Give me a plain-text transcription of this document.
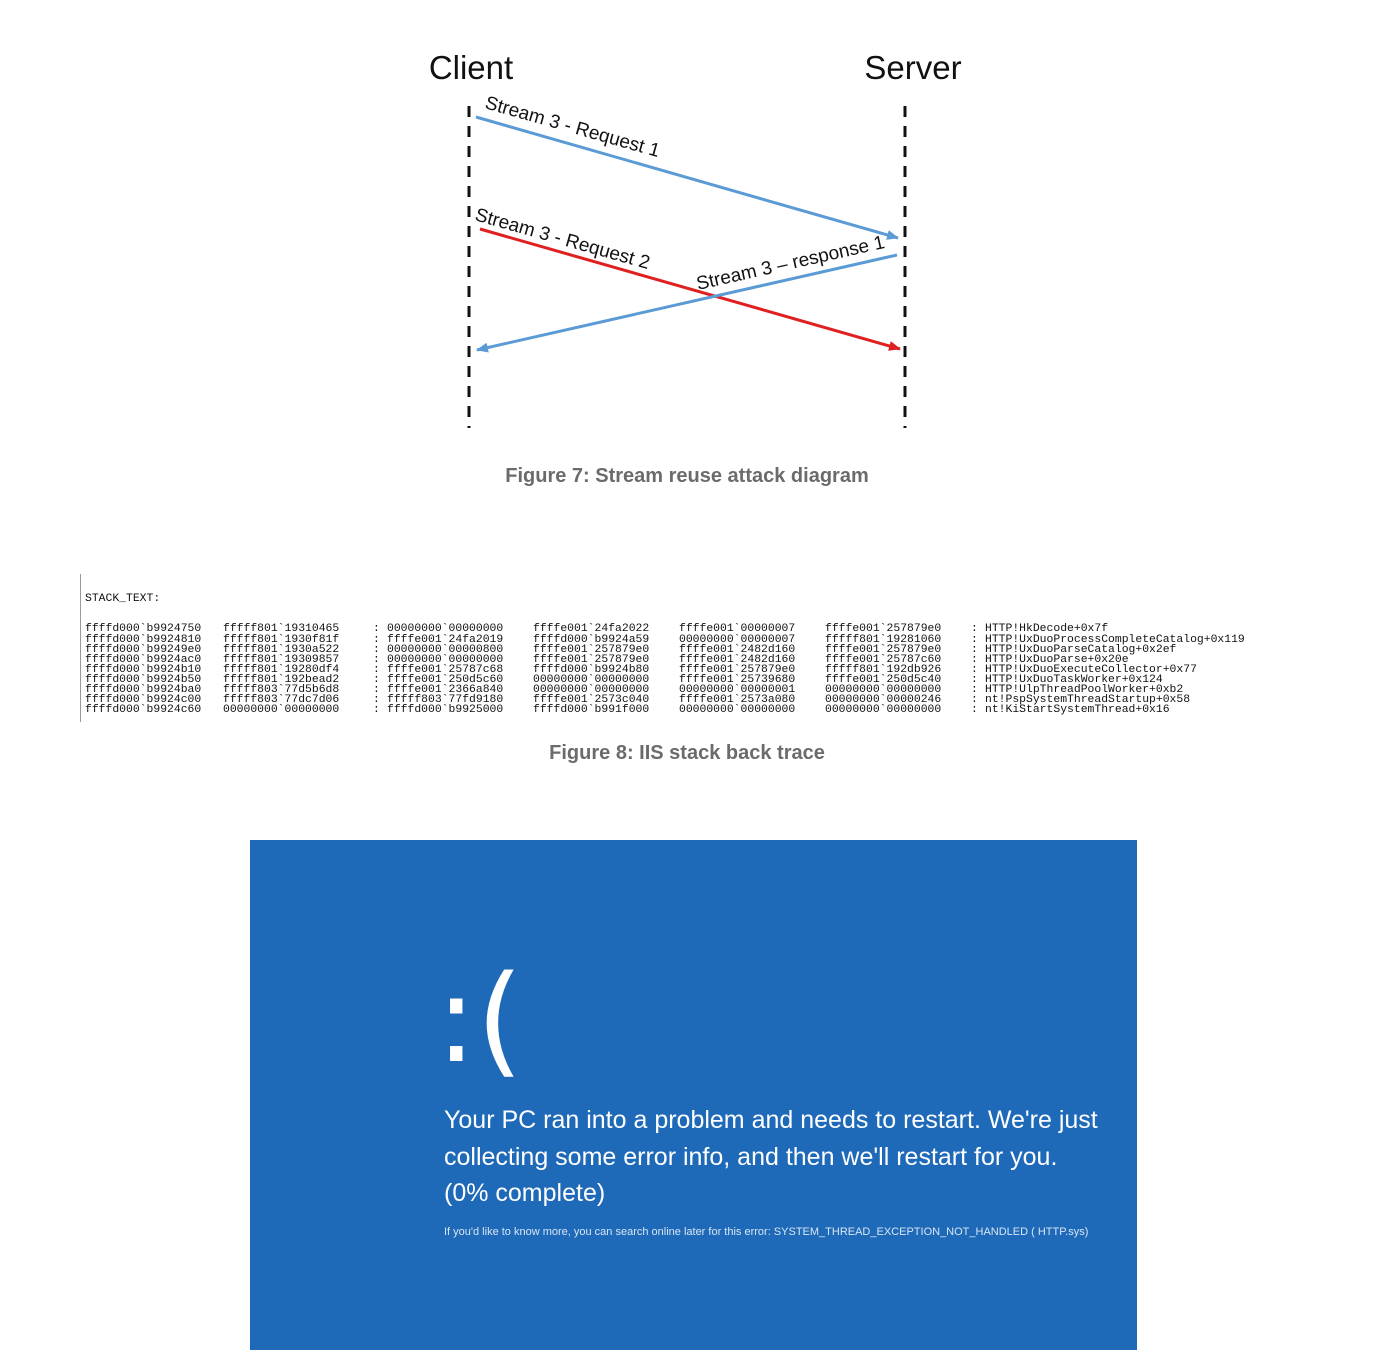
Client	Server
Stream 3 - Request 1
Stream 3 - Request 2 Stream 3 – response 1
Figure 7: Stream reuse attack diagram

STACK_TEXT:

ffffd000`b9924750 fffff801`19310465	: 00000000`00000000	ffffe001`24fa2022	ffffe001`00000007	ffffe001`257879e0	: HTTP!HkDecode+0x7f
ffffd000`b9924810 fffff801`1930f81f	: ffffe001`24fa2019	ffffd000`b9924a59	00000000`00000007	fffff801`19281060	: HTTP!UxDuoProcessCompleteCatalog+0x119
ffffd000`b99249e0 fffff801`1930a522	: 00000000`00000800	ffffe001`257879e0	ffffe001`2482d160	ffffe001`257879e0	: HTTP!UxDuoParseCatalog+0x2ef
ffffd000`b9924ac0 fffff801`19309857	: 00000000`00000000	ffffe001`257879e0	ffffe001`2482d160	ffffe001`25787c60	: HTTP!UxDuoParse+0x20e
ffffd000`b9924b10 fffff801`19280df4	: ffffe001`25787c68	ffffd000`b9924b80	ffffe001`257879e0	fffff801`192db926	: HTTP!UxDuoExecuteCollector+0x77
ffffd000`b9924b50 fffff801`192bead2	: ffffe001`250d5c60	00000000`00000000	ffffe001`25739680	ffffe001`250d5c40	: HTTP!UxDuoTaskWorker+0x124
ffffd000`b9924ba0 fffff803`77d5b6d8	: ffffe001`2366a840	00000000`00000000	00000000`00000001	00000000`00000000	: HTTP!UlpThreadPoolWorker+0xb2
ffffd000`b9924c00 fffff803`77dc7d06	: fffff803`77fd9180	ffffe001`2573c040	ffffe001`2573a080	00000000`00000246	: nt!PspSystemThreadStartup+0x58
ffffd000`b9924c60 00000000`00000000	: ffffd000`b9925000	ffffd000`b991f000	00000000`00000000	00000000`00000000	: nt!KiStartSystemThread+0x16

Figure 8: IIS stack back trace
:(
Your PC ran into a problem and needs to restart. We're just collecting some error info, and then we'll restart for you. (0% complete)
If you'd like to know more, you can search online later for this error: SYSTEM_THREAD_EXCEPTION_NOT_HANDLED ( HTTP.sys)
